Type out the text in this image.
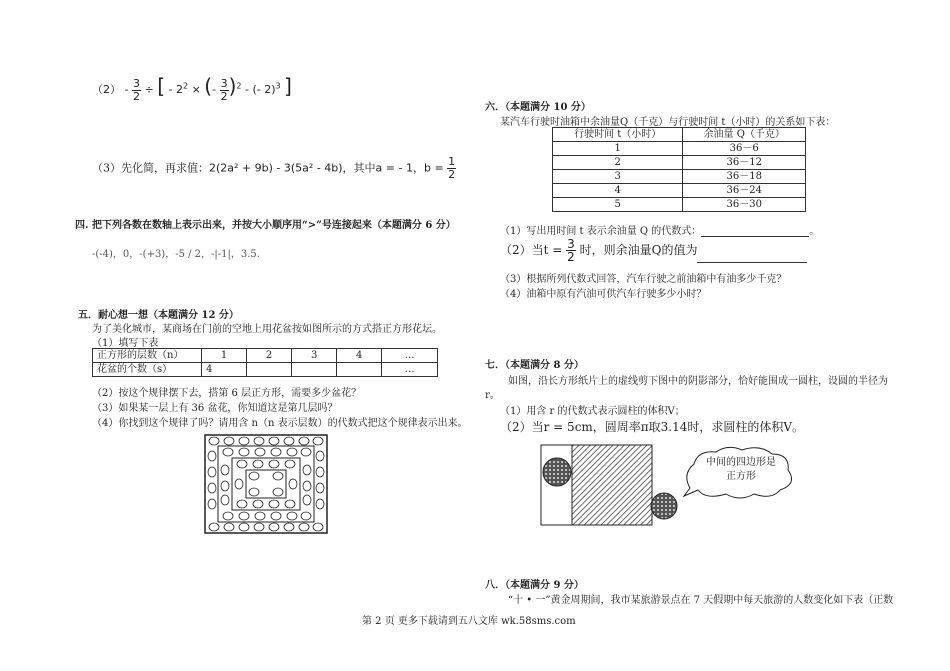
$(2) - \frac{3}{2}$ ÷ [ - $2^2$ × (- $\frac{3}{2} )^2$ - (- 2)$^3$ ]
（3）先化简，再求值：2(2a² + 9b) - 3(5a² - 4b)，其中a = - 1，$b = \frac{1}{2}$
四. 把下列各数在数轴上表示出来，并按大小顺序用“>”号连接起来（本题满分 6 分）
-(-4)，0，-(+3)，-5 / 2，-|-1|，3.5.
五．耐心想一想（本题满分 12 分）
为了美化城市，某商场在门前的空地上用花盆按如图所示的方式搭正方形花坛。
（1）填写下表
正方形的层数（n）	1	2	3	4	…
花盆的个数（s）	4				…
（2）按这个规律摆下去，搭第 6 层正方形，需要多少盆花？
（3）如果某一层上有 36 盆花，你知道这是第几层吗？
（4）你找到这个规律了吗？请用含 n（n 表示层数）的代数式把这个规律表示出来。
六．（本题满分 10 分）
某汽车行驶时油箱中余油量Q（千克）与行驶时间 t（小时）的关系如下表：
行驶时间 t（小时）	余油量 Q（千克）
1	36－6
2	36－12
3	36－18
4	36－24
5	36－30
（1）写出用时间 t 表示余油量 Q 的代数式：	。
（2）当$t = \frac{3}{2}$ 时，则余油量Q的值为
（3）根据所列代数式回答，汽车行驶之前油箱中有油多少千克？
（4）油箱中原有汽油可供汽车行驶多少小时？
七．（本题满分 8 分）
如图，沿长方形纸片上的虚线剪下图中的阴影部分，恰好能围成一圆柱，设圆的半径为
r。
（1）用含 r 的代数式表示圆柱的体积V；
（2）当r = 5cm，圆周率π取3.14时，求圆柱的体积V。
中间的四边形是
正方形
八．（本题满分 9 分）
“十 • 一”黄金周期间，我市某旅游景点在 7 天假期中每天旅游的人数变化如下表（正数
第 2 页 更多下载请到五八文库 wk.58sms.com
